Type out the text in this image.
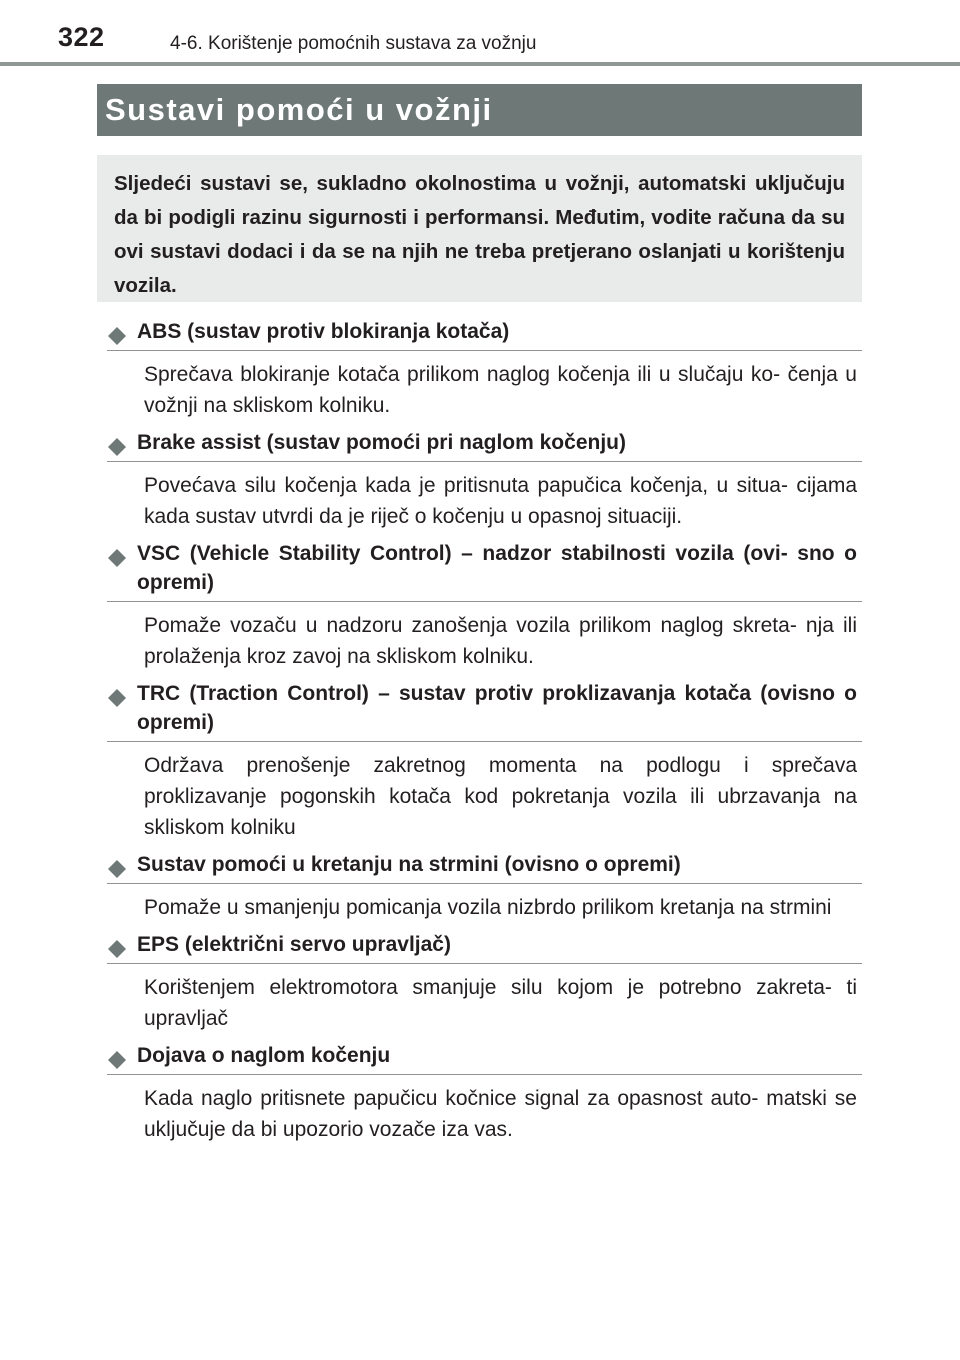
322	4-6. Korištenje pomoćnih sustava za vožnju
Sustavi pomoći u vožnji

Sljedeći sustavi se, sukladno okolnostima u vožnji, automatski uključuju da bi podigli razinu sigurnosti i performansi. Međutim, vodite računa da su ovi sustavi dodaci i da se na njih ne treba pretjerano oslanjati u korištenju vozila.

ABS (sustav protiv blokiranja kotača)
Sprečava blokiranje kotača prilikom naglog kočenja ili u slučaju ko- čenja u vožnji na skliskom kolniku.
Brake assist (sustav pomoći pri naglom kočenju)
Povećava silu kočenja kada je pritisnuta papučica kočenja, u situa- cijama kada sustav utvrdi da je riječ o kočenju u opasnoj situaciji.
VSC (Vehicle Stability Control) – nadzor stabilnosti vozila (ovi- sno o opremi)
Pomaže vozaču u nadzoru zanošenja vozila prilikom naglog skreta- nja ili prolaženja kroz zavoj na skliskom kolniku.
TRC (Traction Control) – sustav protiv proklizavanja kotača (ovisno o opremi)
Održava prenošenje zakretnog momenta na podlogu i sprečava proklizavanje pogonskih kotača kod pokretanja vozila ili ubrzavanja na skliskom kolniku
Sustav pomoći u kretanju na strmini (ovisno o opremi)
Pomaže u smanjenju pomicanja vozila nizbrdo prilikom kretanja na strmini
EPS (električni servo upravljač)
Korištenjem elektromotora smanjuje silu kojom je potrebno zakreta- ti upravljač
Dojava o naglom kočenju
Kada naglo pritisnete papučicu kočnice signal za opasnost auto- matski se uključuje da bi upozorio vozače iza vas.
